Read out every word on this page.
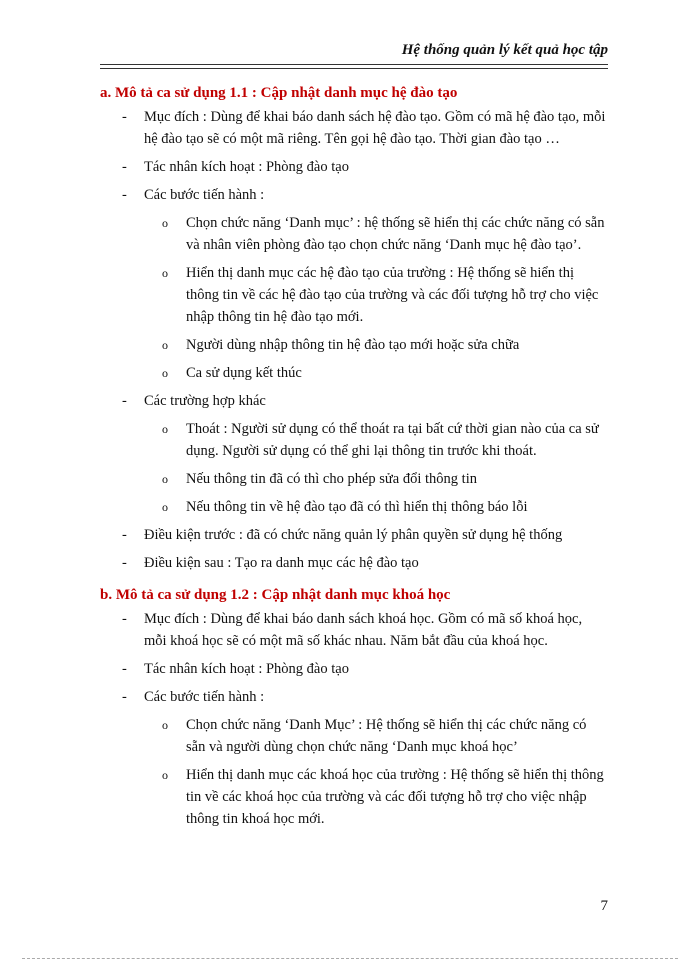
Hệ thống quản lý kết quả học tập
a. Mô tả ca sử dụng 1.1 : Cập nhật danh mục hệ đào tạo
- Mục đích : Dùng để khai báo danh sách hệ đào tạo. Gồm có mã hệ đào tạo, mỗi hệ đào tạo sẽ có một mã riêng. Tên gọi hệ đào tạo. Thời gian đào tạo …
- Tác nhân kích hoạt : Phòng đào tạo
- Các bước tiến hành :
o Chọn chức năng ‘Danh mục’ : hệ thống sẽ hiển thị các chức năng có sẵn và nhân viên phòng đào tạo chọn chức năng ‘Danh mục hệ đào tạo’.
o Hiển thị danh mục các hệ đào tạo của trường : Hệ thống sẽ hiển thị thông tin về các hệ đào tạo của trường và các đối tượng hỗ trợ cho việc nhập thông tin hệ đào tạo mới.
o Người dùng nhập thông tin hệ đào tạo mới hoặc sửa chữa
o Ca sử dụng kết thúc
- Các trường hợp khác
o Thoát : Người sử dụng có thể thoát ra tại bất cứ thời gian nào của ca sử dụng. Người sử dụng có thể ghi lại thông tin trước khi thoát.
o Nếu thông tin đã có thì cho phép sửa đổi thông tin
o Nếu thông tin về hệ đào tạo đã có thì hiển thị thông báo lỗi
- Điều kiện trước : đã có chức năng quản lý phân quyền sử dụng hệ thống
- Điều kiện sau : Tạo ra danh mục các hệ đào tạo
b. Mô tả ca sử dụng 1.2 : Cập nhật danh mục khoá học
- Mục đích : Dùng để khai báo danh sách khoá học. Gồm có mã số khoá học, mỗi khoá học sẽ có một mã số khác nhau. Năm bắt đầu của khoá học.
- Tác nhân kích hoạt : Phòng đào tạo
- Các bước tiến hành :
o Chọn chức năng ‘Danh Mục’ : Hệ thống sẽ hiển thị các chức năng có sẵn và người dùng chọn chức năng ‘Danh mục khoá học’
o Hiển thị danh mục các khoá học của trường : Hệ thống sẽ hiển thị thông tin về các khoá học của trường và các đối tượng hỗ trợ cho việc nhập thông tin khoá học mới.
7
